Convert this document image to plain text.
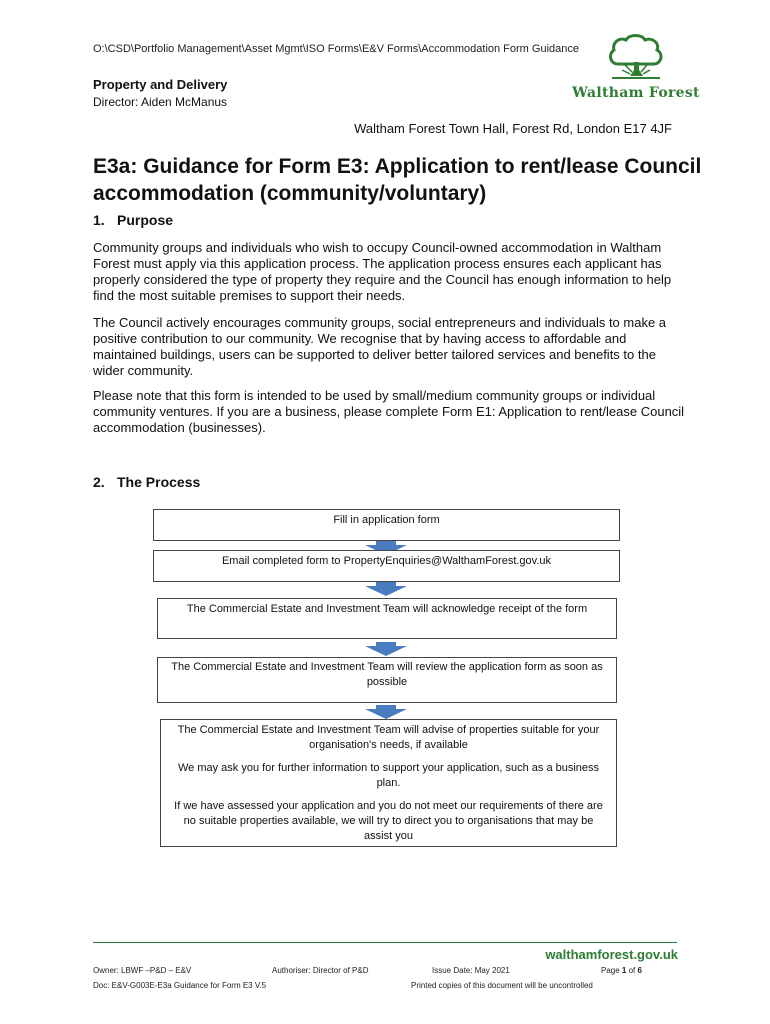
O:\CSD\Portfolio Management\Asset Mgmt\ISO Forms\E&V Forms\Accommodation Form Guidance
Property and Delivery
Director: Aiden McManus
Waltham Forest
Waltham Forest Town Hall, Forest Rd, London E17 4JF
E3a: Guidance for Form E3: Application to rent/lease Council accommodation (community/voluntary)
1. Purpose

Community groups and individuals who wish to occupy Council-owned accommodation in Waltham Forest must apply via this application process. The application process ensures each applicant has properly considered the type of property they require and the Council has enough information to help find the most suitable premises to support their needs.

The Council actively encourages community groups, social entrepreneurs and individuals to make a positive contribution to our community. We recognise that by having access to affordable and maintained buildings, users can be supported to deliver better tailored services and benefits to the wider community.

Please note that this form is intended to be used by small/medium community groups or individual community ventures. If you are a business, please complete Form E1: Application to rent/lease Council accommodation (businesses).

2. The Process

Fill in application form

Email completed form to PropertyEnquiries@WalthamForest.gov.uk

The Commercial Estate and Investment Team will acknowledge receipt of the form

The Commercial Estate and Investment Team will review the application form as soon as possible

The Commercial Estate and Investment Team will advise of properties suitable for your organisation's needs, if available

We may ask you for further information to support your application, such as a business plan.

If we have assessed your application and you do not meet our requirements of there are no suitable properties available, we will try to direct you to organisations that may be assist you

walthamforest.gov.uk
Owner: LBWF –P&D – E&V	Authoriser: Director of P&D	Issue Date: May 2021	Page 1 of 6
Doc: E&V-G003E-E3a Guidance for Form E3 V.5	Printed copies of this document will be uncontrolled
